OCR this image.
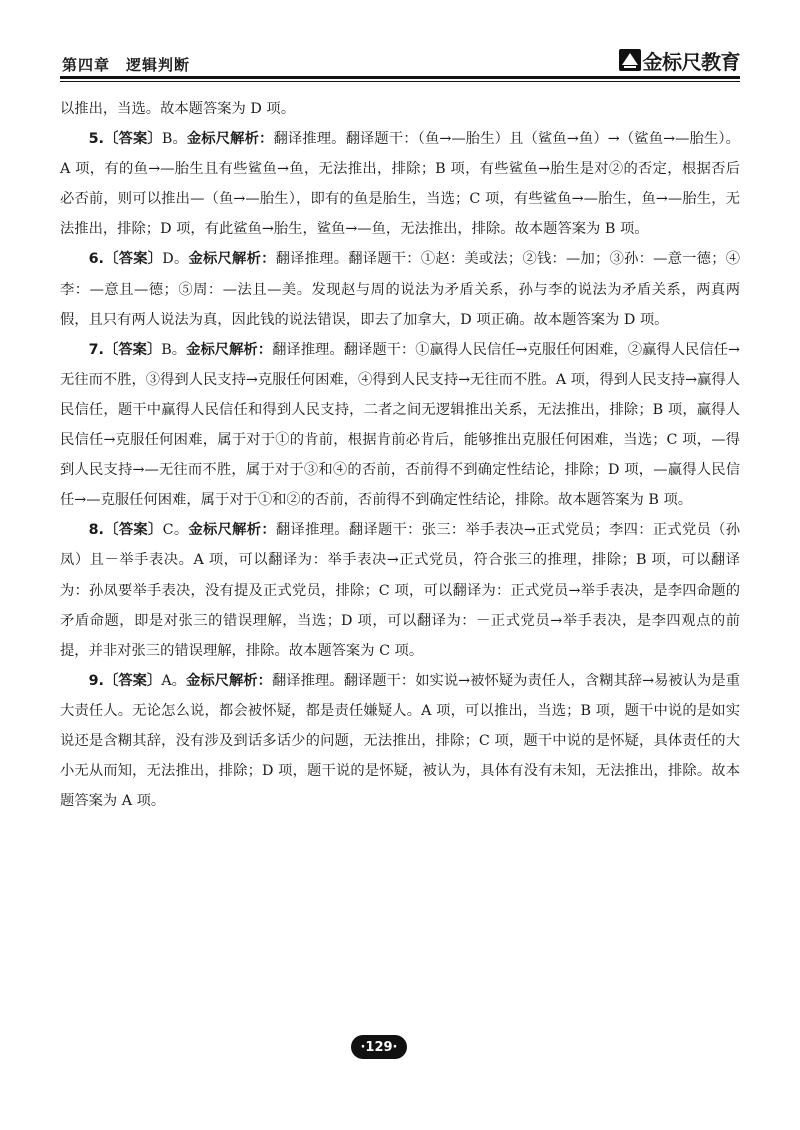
第四章　逻辑判断	金标尺教育

以推出，当选。故本题答案为 D 项。

5.〔答案〕B。金标尺解析：翻译推理。翻译题干：（鱼→—胎生）且（鲨鱼→鱼）→（鲨鱼→—胎生）。A 项，有的鱼→—胎生且有些鲨鱼→鱼，无法推出，排除；B 项，有些鲨鱼→胎生是对②的否定，根据否后必否前，则可以推出—（鱼→—胎生），即有的鱼是胎生，当选；C 项，有些鲨鱼→—胎生，鱼→—胎生，无法推出，排除；D 项，有此鲨鱼→胎生，鲨鱼→—鱼，无法推出，排除。故本题答案为 B 项。

6.〔答案〕D。金标尺解析：翻译推理。翻译题干：①赵：美或法；②钱：—加；③孙：—意一德；④李：—意且—德；⑤周：—法且—美。发现赵与周的说法为矛盾关系，孙与李的说法为矛盾关系，两真两假，且只有两人说法为真，因此钱的说法错误，即去了加拿大，D 项正确。故本题答案为 D 项。

7.〔答案〕B。金标尺解析：翻译推理。翻译题干：①赢得人民信任→克服任何困难，②赢得人民信任→无往而不胜，③得到人民支持→克服任何困难，④得到人民支持→无往而不胜。A 项，得到人民支持→赢得人民信任，题干中赢得人民信任和得到人民支持，二者之间无逻辑推出关系，无法推出，排除；B 项，赢得人民信任→克服任何困难，属于对于①的肯前，根据肯前必肯后，能够推出克服任何困难，当选；C 项，—得到人民支持→—无往而不胜，属于对于③和④的否前，否前得不到确定性结论，排除；D 项，—赢得人民信任→—克服任何困难，属于对于①和②的否前，否前得不到确定性结论，排除。故本题答案为 B 项。

8.〔答案〕C。金标尺解析：翻译推理。翻译题干：张三：举手表决→正式党员；李四：正式党员（孙凤）且－举手表决。A 项，可以翻译为：举手表决→正式党员，符合张三的推理，排除；B 项，可以翻译为：孙凤要举手表决，没有提及正式党员，排除；C 项，可以翻译为：正式党员→举手表决，是李四命题的矛盾命题，即是对张三的错误理解，当选；D 项，可以翻译为：－正式党员→举手表决，是李四观点的前提，并非对张三的错误理解，排除。故本题答案为 C 项。

9.〔答案〕A。金标尺解析：翻译推理。翻译题干：如实说→被怀疑为责任人，含糊其辞→易被认为是重大责任人。无论怎么说，都会被怀疑，都是责任嫌疑人。A 项，可以推出，当选；B 项，题干中说的是如实说还是含糊其辞，没有涉及到话多话少的问题，无法推出，排除；C 项，题干中说的是怀疑，具体责任的大小无从而知，无法推出，排除；D 项，题干说的是怀疑，被认为，具体有没有未知，无法推出，排除。故本题答案为 A 项。

·129·
